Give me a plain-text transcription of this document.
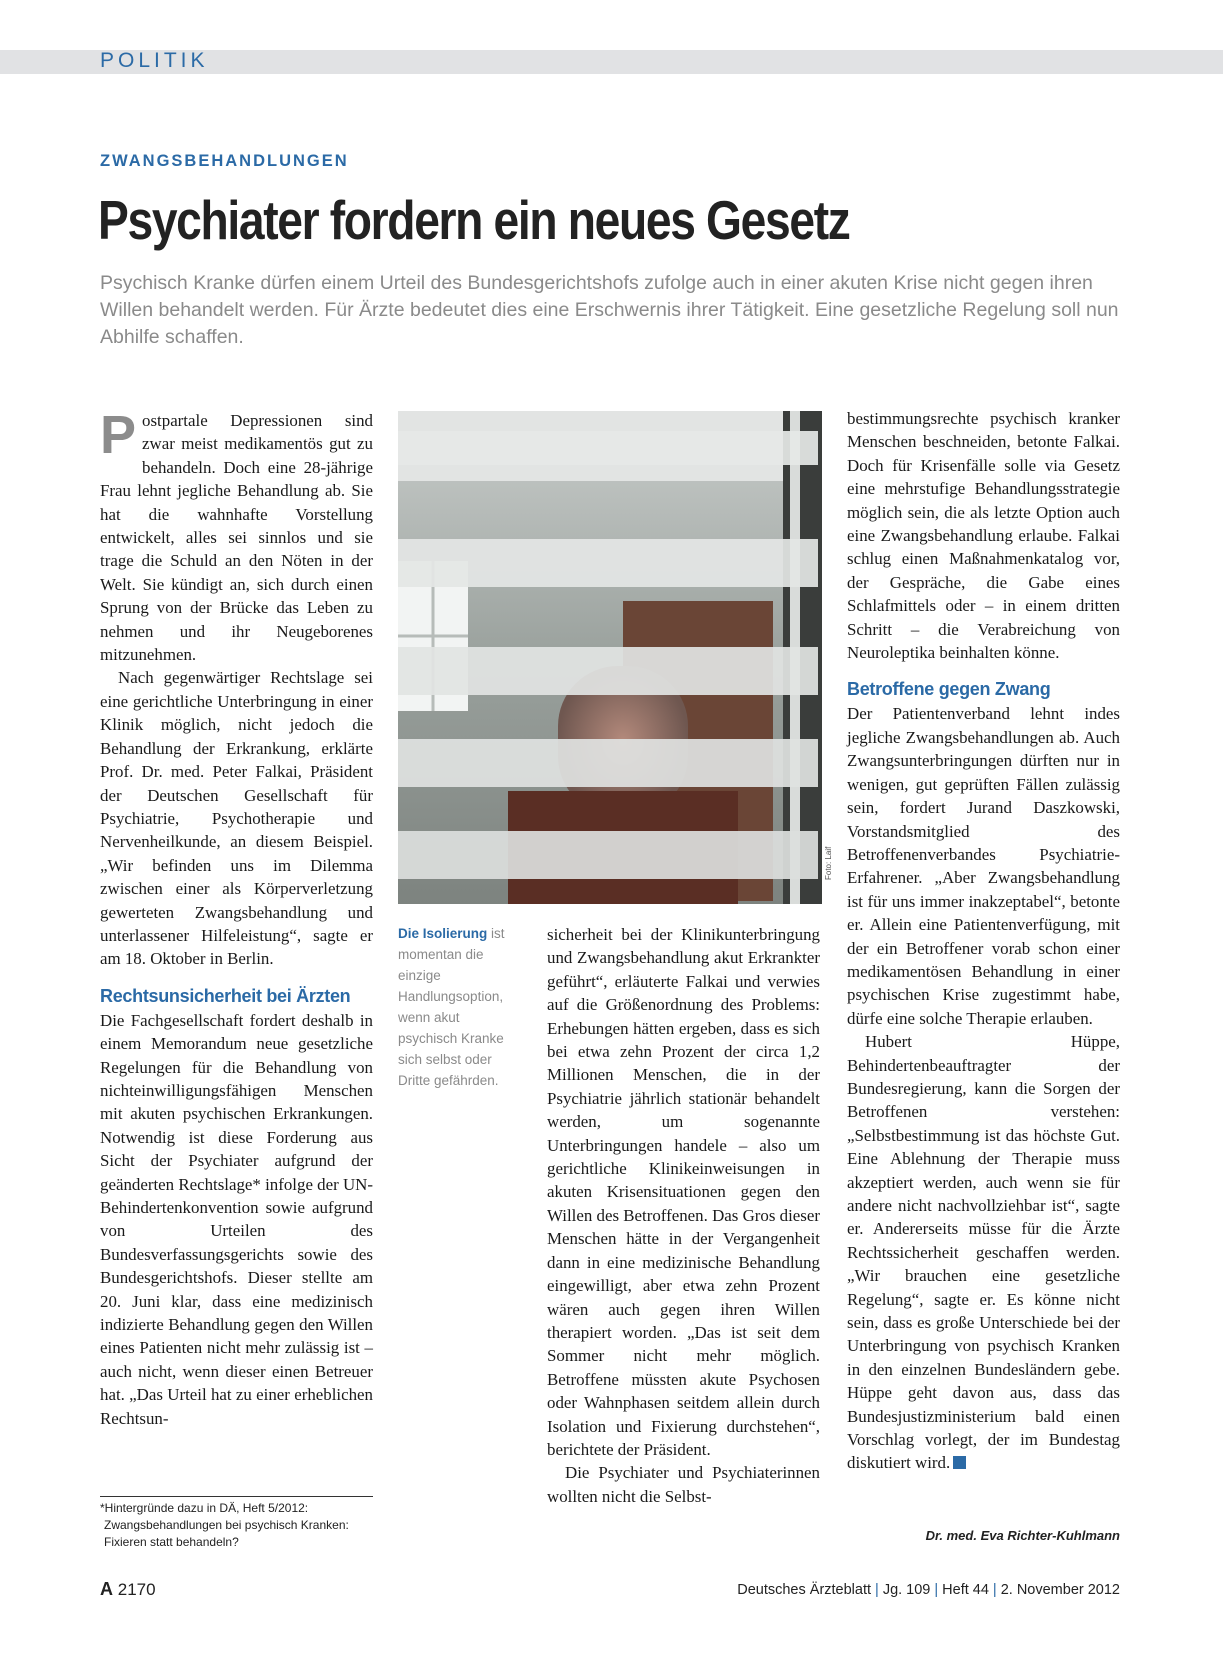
POLITIK
ZWANGSBEHANDLUNGEN
Psychiater fordern ein neues Gesetz
Psychisch Kranke dürfen einem Urteil des Bundesgerichtshofs zufolge auch in einer akuten Krise nicht gegen ihren Willen behandelt werden. Für Ärzte bedeutet dies eine Erschwernis ihrer Tätigkeit. Eine gesetzliche Regelung soll nun Abhilfe schaffen.

Postpartale Depressionen sind zwar meist medikamentös gut zu behandeln. Doch eine 28-jährige Frau lehnt jegliche Behandlung ab. Sie hat die wahnhafte Vorstellung entwickelt, alles sei sinnlos und sie trage die Schuld an den Nöten in der Welt. Sie kündigt an, sich durch einen Sprung von der Brücke das Leben zu nehmen und ihr Neugeborenes mitzunehmen.

Nach gegenwärtiger Rechtslage sei eine gerichtliche Unterbringung in einer Klinik möglich, nicht jedoch die Behandlung der Erkrankung, erklärte Prof. Dr. med. Peter Falkai, Präsident der Deutschen Gesellschaft für Psychiatrie, Psychotherapie und Nervenheilkunde, an diesem Beispiel. „Wir befinden uns im Dilemma zwischen einer als Körperverletzung gewerteten Zwangsbehandlung und unterlassener Hilfeleistung“, sagte er am 18. Oktober in Berlin.

Rechtsunsicherheit bei Ärzten

Die Fachgesellschaft fordert deshalb in einem Memorandum neue gesetzliche Regelungen für die Behandlung von nichteinwilligungsfähigen Menschen mit akuten psychischen Erkrankungen. Notwendig ist diese Forderung aus Sicht der Psychiater aufgrund der geänderten Rechtslage* infolge der UN-Behindertenkonvention sowie aufgrund von Urteilen des Bundesverfassungsgerichts sowie des Bundesgerichtshofs. Dieser stellte am 20. Juni klar, dass eine medizinisch indizierte Behandlung gegen den Willen eines Patienten nicht mehr zulässig ist – auch nicht, wenn dieser einen Betreuer hat. „Das Urteil hat zu einer erheblichen Rechtsun-

Foto: Laif
Die Isolierung ist momentan die einzige Handlungsoption, wenn akut psychisch Kranke sich selbst oder Dritte gefährden.

sicherheit bei der Klinikunterbringung und Zwangsbehandlung akut Erkrankter geführt“, erläuterte Falkai und verwies auf die Größenordnung des Problems: Erhebungen hätten ergeben, dass es sich bei etwa zehn Prozent der circa 1,2 Millionen Menschen, die in der Psychiatrie jährlich stationär behandelt werden, um sogenannte Unterbringungen handele – also um gerichtliche Klinikeinweisungen in akuten Krisensituationen gegen den Willen des Betroffenen. Das Gros dieser Menschen hätte in der Vergangenheit dann in eine medizinische Behandlung eingewilligt, aber etwa zehn Prozent wären auch gegen ihren Willen therapiert worden. „Das ist seit dem Sommer nicht mehr möglich. Betroffene müssten akute Psychosen oder Wahnphasen seitdem allein durch Isolation und Fixierung durchstehen“, berichtete der Präsident.

Die Psychiater und Psychiaterinnen wollten nicht die Selbst-

bestimmungsrechte psychisch kranker Menschen beschneiden, betonte Falkai. Doch für Krisenfälle solle via Gesetz eine mehrstufige Behandlungsstrategie möglich sein, die als letzte Option auch eine Zwangsbehandlung erlaube. Falkai schlug einen Maßnahmenkatalog vor, der Gespräche, die Gabe eines Schlafmittels oder – in einem dritten Schritt – die Verabreichung von Neuroleptika beinhalten könne.

Betroffene gegen Zwang

Der Patientenverband lehnt indes jegliche Zwangsbehandlungen ab. Auch Zwangsunterbringungen dürften nur in wenigen, gut geprüften Fällen zulässig sein, fordert Jurand Daszkowski, Vorstandsmitglied des Betroffenenverbandes Psychiatrie-Erfahrener. „Aber Zwangsbehandlung ist für uns immer inakzeptabel“, betonte er. Allein eine Patientenverfügung, mit der ein Betroffener vorab schon einer medikamentösen Behandlung in einer psychischen Krise zugestimmt habe, dürfe eine solche Therapie erlauben.

Hubert Hüppe, Behindertenbeauftragter der Bundesregierung, kann die Sorgen der Betroffenen verstehen: „Selbstbestimmung ist das höchste Gut. Eine Ablehnung der Therapie muss akzeptiert werden, auch wenn sie für andere nicht nachvollziehbar ist“, sagte er. Andererseits müsse für die Ärzte Rechtssicherheit geschaffen werden. „Wir brauchen eine gesetzliche Regelung“, sagte er. Es könne nicht sein, dass es große Unterschiede bei der Unterbringung von psychisch Kranken in den einzelnen Bundesländern gebe. Hüppe geht davon aus, dass das Bundesjustizministerium bald einen Vorschlag vorlegt, der im Bundestag diskutiert wird.

Dr. med. Eva Richter-Kuhlmann
*Hintergründe dazu in DÄ, Heft 5/2012:
Zwangsbehandlungen bei psychisch Kranken:
Fixieren statt behandeln?
A 2170	Deutsches Ärzteblatt | Jg. 109 | Heft 44 | 2. November 2012
